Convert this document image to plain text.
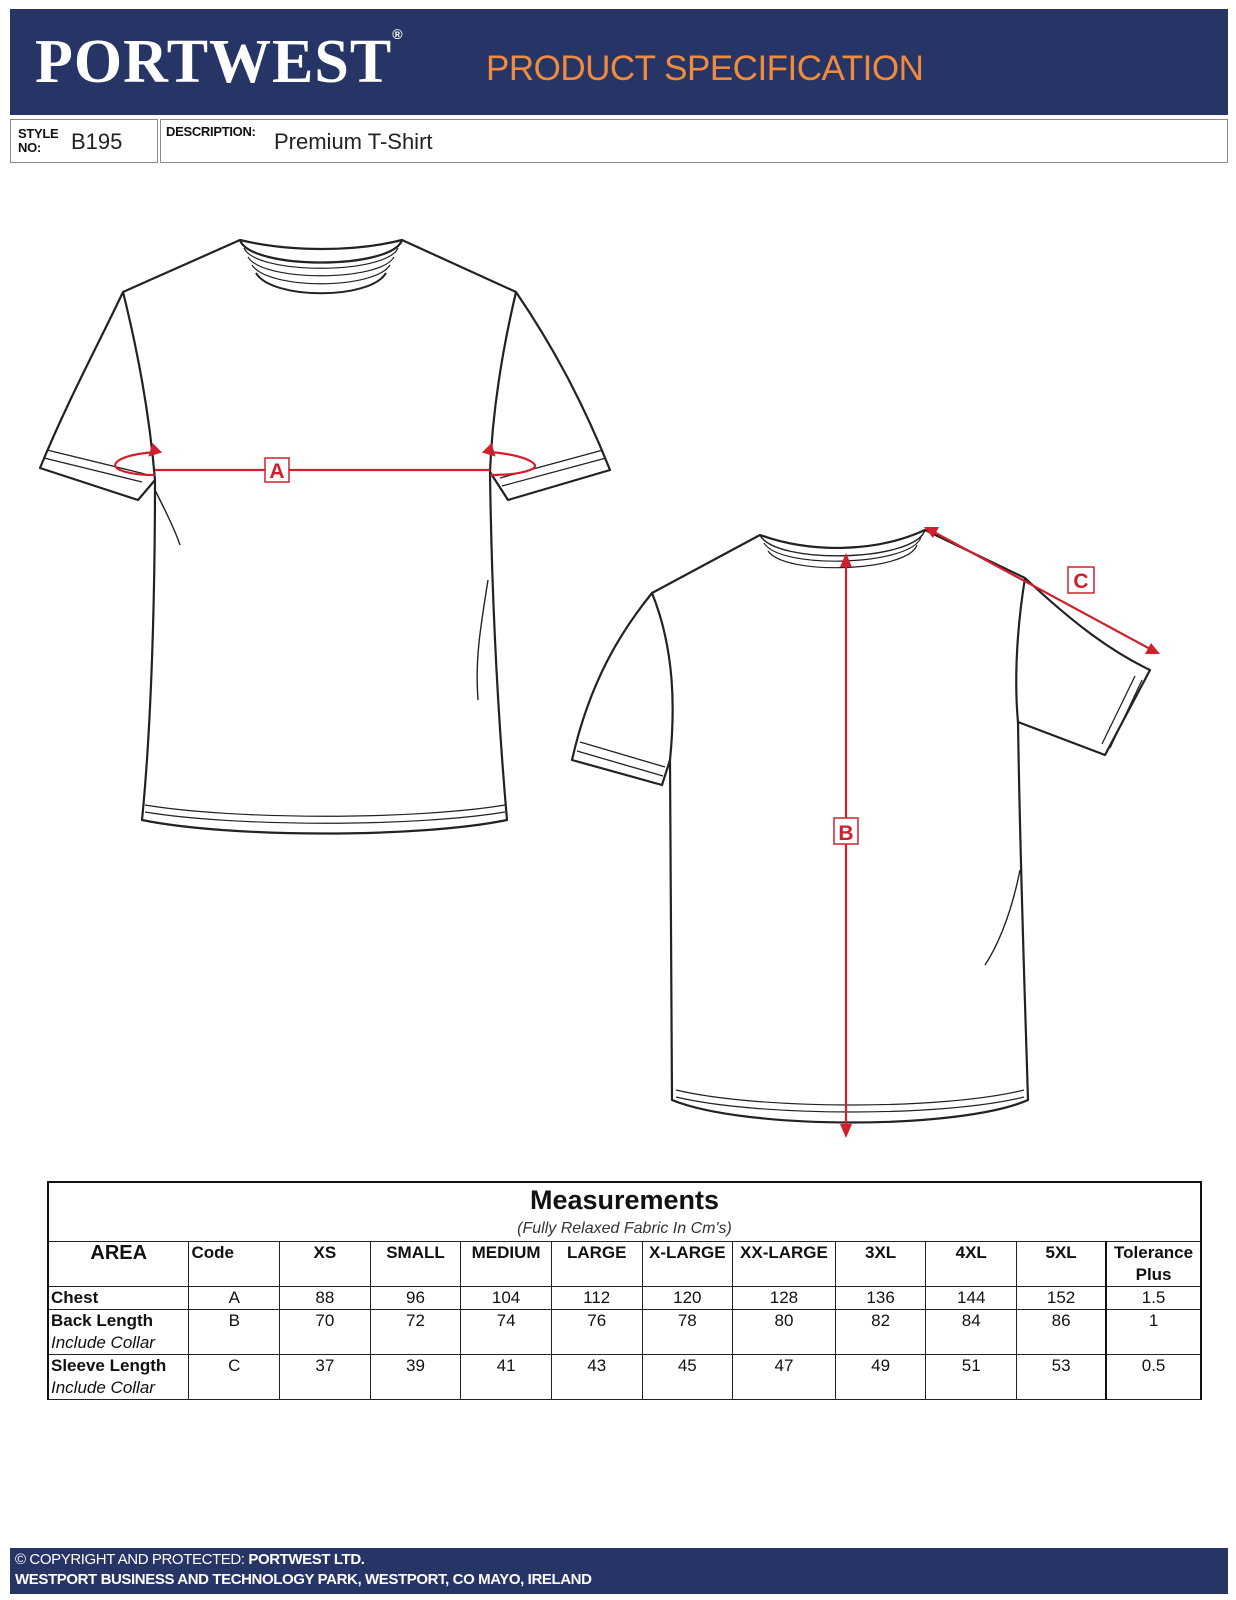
PORTWEST®
PRODUCT SPECIFICATION
STYLE
NO:	B195	DESCRIPTION: Premium T-Shirt
A
B
C
Measurements											
(Fully Relaxed Fabric In Cm's)											
AREA	Code	XS	SMALL	MEDIUM	LARGE	X-LARGE	XX-LARGE	3XL	4XL	5XL	Tolerance
											Plus
Chest	A	88	96	104	112	120	128	136	144	152	1.5
Back Length	B	70	72	74	76	78	80	82	84	86	1
Include Collar											
Sleeve Length	C	37	39	41	43	45	47	49	51	53	0.5
Include Collar											
© COPYRIGHT AND PROTECTED: PORTWEST LTD.
WESTPORT BUSINESS AND TECHNOLOGY PARK, WESTPORT, CO MAYO, IRELAND
